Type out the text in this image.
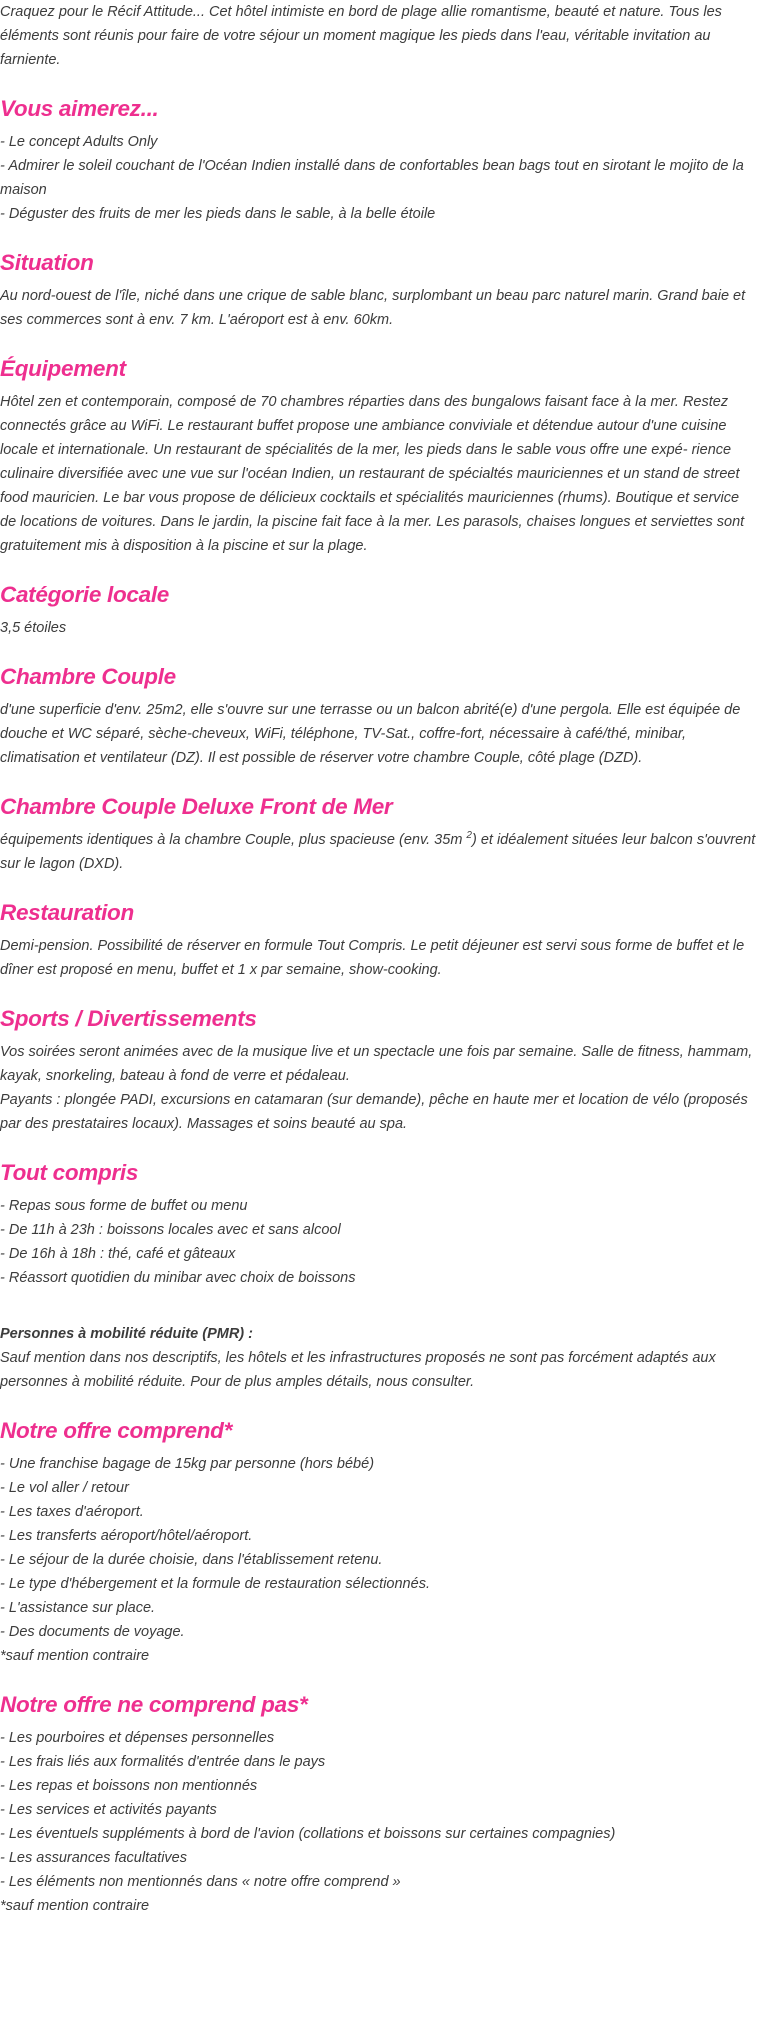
Craquez pour le Récif Attitude... Cet hôtel intimiste en bord de plage allie romantisme, beauté et nature. Tous les éléments sont réunis pour faire de votre séjour un moment magique les pieds dans l'eau, véritable invitation au farniente.

Vous aimerez...
- Le concept Adults Only
- Admirer le soleil couchant de l'Océan Indien installé dans de confortables bean bags tout en sirotant le mojito de la maison
- Déguster des fruits de mer les pieds dans le sable, à la belle étoile
Situation

Au nord-ouest de l'île, niché dans une crique de sable blanc, surplombant un beau parc naturel marin. Grand baie et ses commerces sont à env. 7 km. L'aéroport est à env. 60km.

Équipement

Hôtel zen et contemporain, composé de 70 chambres réparties dans des bungalows faisant face à la mer. Restez connectés grâce au WiFi. Le restaurant buffet propose une ambiance conviviale et détendue autour d'une cuisine locale et internationale. Un restaurant de spécialités de la mer, les pieds dans le sable vous offre une expé- rience culinaire diversifiée avec une vue sur l'océan Indien, un restaurant de spécialtés mauriciennes et un stand de street food mauricien. Le bar vous propose de délicieux cocktails et spécialités mauriciennes (rhums). Boutique et service de locations de voitures. Dans le jardin, la piscine fait face à la mer. Les parasols, chaises longues et serviettes sont gratuitement mis à disposition à la piscine et sur la plage.

Catégorie locale

3,5 étoiles

Chambre Couple

d'une superficie d'env. 25m2, elle s'ouvre sur une terrasse ou un balcon abrité(e) d'une pergola. Elle est équipée de douche et WC séparé, sèche-cheveux, WiFi, téléphone, TV-Sat., coffre-fort, nécessaire à café/thé, minibar, climatisation et ventilateur (DZ). Il est possible de réserver votre chambre Couple, côté plage (DZD).

Chambre Couple Deluxe Front de Mer

équipements identiques à la chambre Couple, plus spacieuse (env. 35m $^2$) et idéalement situées leur balcon s'ouvrent sur le lagon (DXD).

Restauration

Demi-pension. Possibilité de réserver en formule Tout Compris. Le petit déjeuner est servi sous forme de buffet et le dîner est proposé en menu, buffet et 1 x par semaine, show-cooking.

Sports / Divertissements

Vos soirées seront animées avec de la musique live et un spectacle une fois par semaine. Salle de fitness, hammam, kayak, snorkeling, bateau à fond de verre et pédaleau.

Payants : plongée PADI, excursions en catamaran (sur demande), pêche en haute mer et location de vélo (proposés par des prestataires locaux). Massages et soins beauté au spa.

Tout compris
- Repas sous forme de buffet ou menu
- De 11h à 23h : boissons locales avec et sans alcool
- De 16h à 18h : thé, café et gâteaux
- Réassort quotidien du minibar avec choix de boissons

Personnes à mobilité réduite (PMR) :

Sauf mention dans nos descriptifs, les hôtels et les infrastructures proposés ne sont pas forcément adaptés aux personnes à mobilité réduite. Pour de plus amples détails, nous consulter.

Notre offre comprend*
- Une franchise bagage de 15kg par personne (hors bébé)
- Le vol aller / retour
- Les taxes d'aéroport.
- Les transferts aéroport/hôtel/aéroport.
- Le séjour de la durée choisie, dans l'établissement retenu.
- Le type d'hébergement et la formule de restauration sélectionnés.
- L'assistance sur place.
- Des documents de voyage.
*sauf mention contraire
Notre offre ne comprend pas*
- Les pourboires et dépenses personnelles
- Les frais liés aux formalités d'entrée dans le pays
- Les repas et boissons non mentionnés
- Les services et activités payants
- Les éventuels suppléments à bord de l'avion (collations et boissons sur certaines compagnies)
- Les assurances facultatives
- Les éléments non mentionnés dans « notre offre comprend »
*sauf mention contraire
